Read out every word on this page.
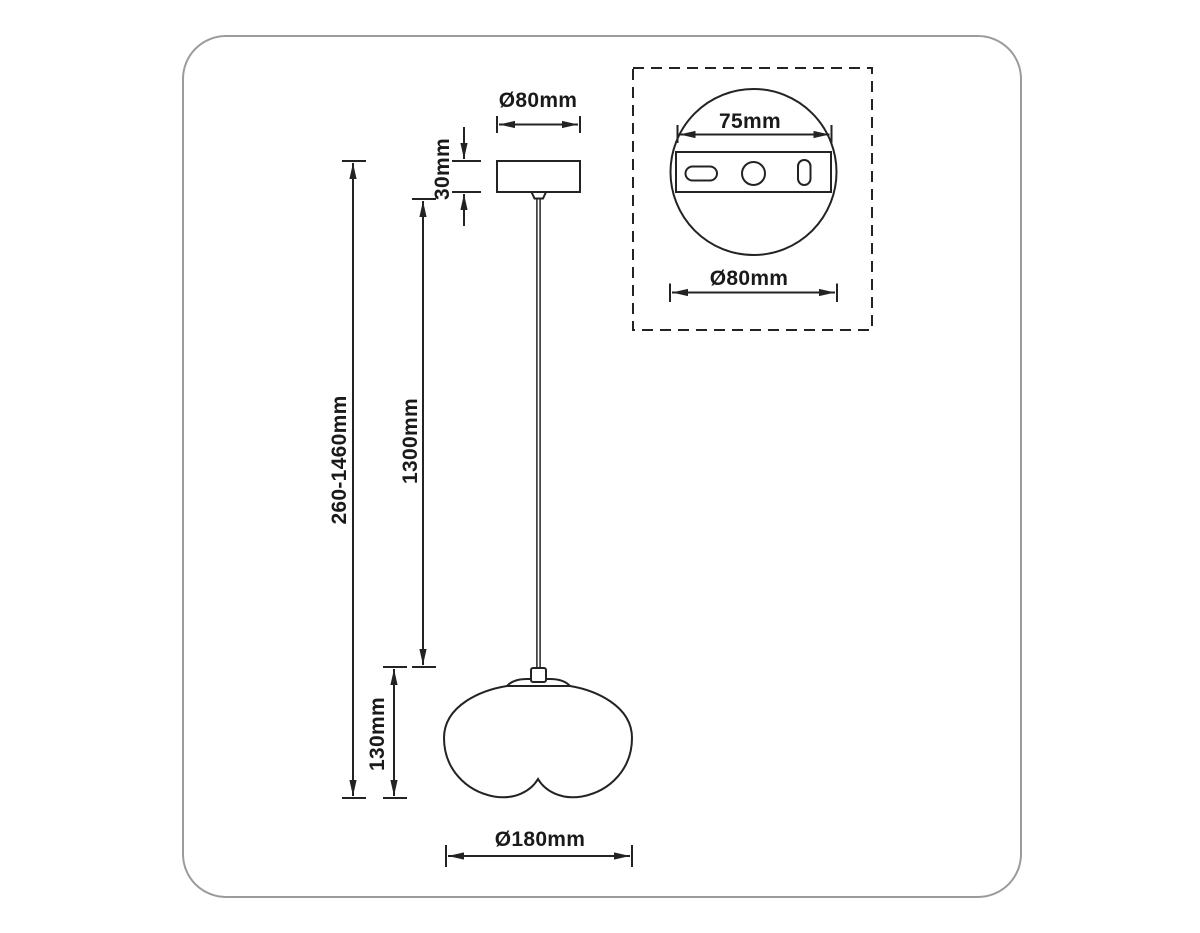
Ø80mm
30mm
1300mm
260-1460mm
130mm
Ø180mm
75mm
Ø80mm
